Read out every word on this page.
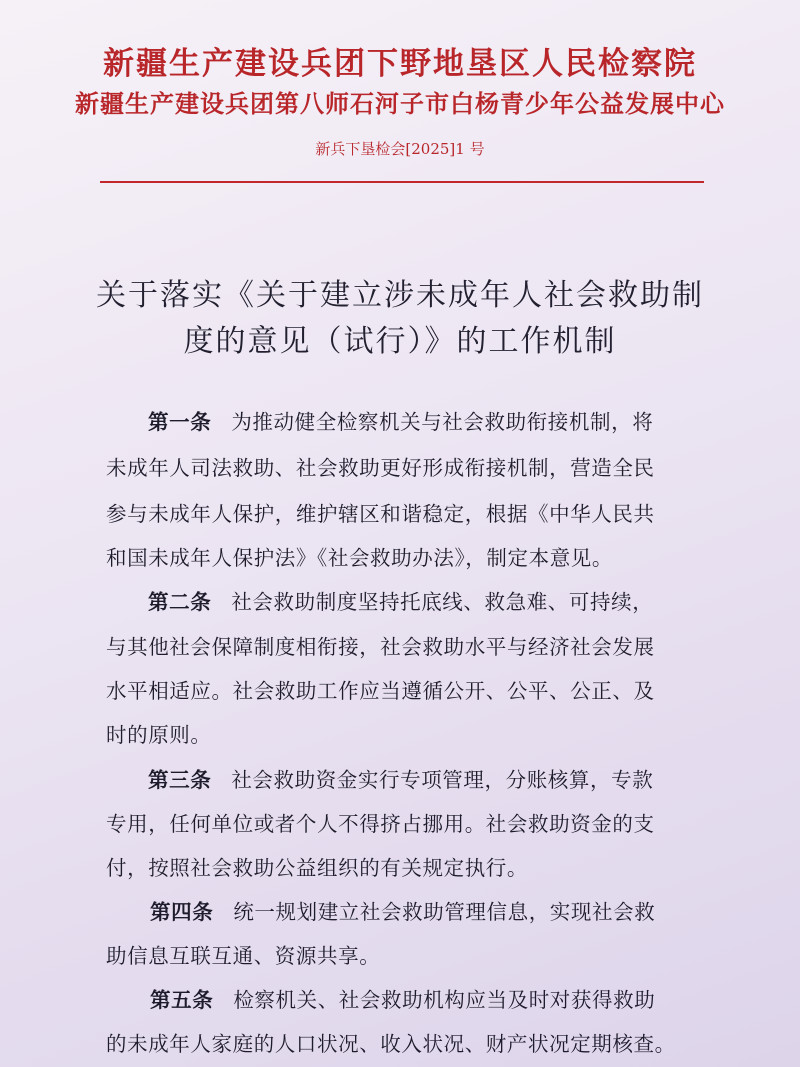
新疆生产建设兵团下野地垦区人民检察院
新疆生产建设兵团第八师石河子市白杨青少年公益发展中心
新兵下垦检会[2025]1 号
关于落实《关于建立涉未成年人社会救助制
度的意见（试行）》的工作机制
第一条 为推动健全检察机关与社会救助衔接机制，将
未成年人司法救助、社会救助更好形成衔接机制，营造全民
参与未成年人保护，维护辖区和谐稳定，根据《中华人民共
和国未成年人保护法》《社会救助办法》，制定本意见。
第二条 社会救助制度坚持托底线、救急难、可持续，
与其他社会保障制度相衔接，社会救助水平与经济社会发展
水平相适应。社会救助工作应当遵循公开、公平、公正、及
时的原则。
第三条 社会救助资金实行专项管理，分账核算，专款
专用，任何单位或者个人不得挤占挪用。社会救助资金的支
付，按照社会救助公益组织的有关规定执行。
第四条 统一规划建立社会救助管理信息，实现社会救
助信息互联互通、资源共享。
第五条 检察机关、社会救助机构应当及时对获得救助
的未成年人家庭的人口状况、收入状况、财产状况定期核查。
